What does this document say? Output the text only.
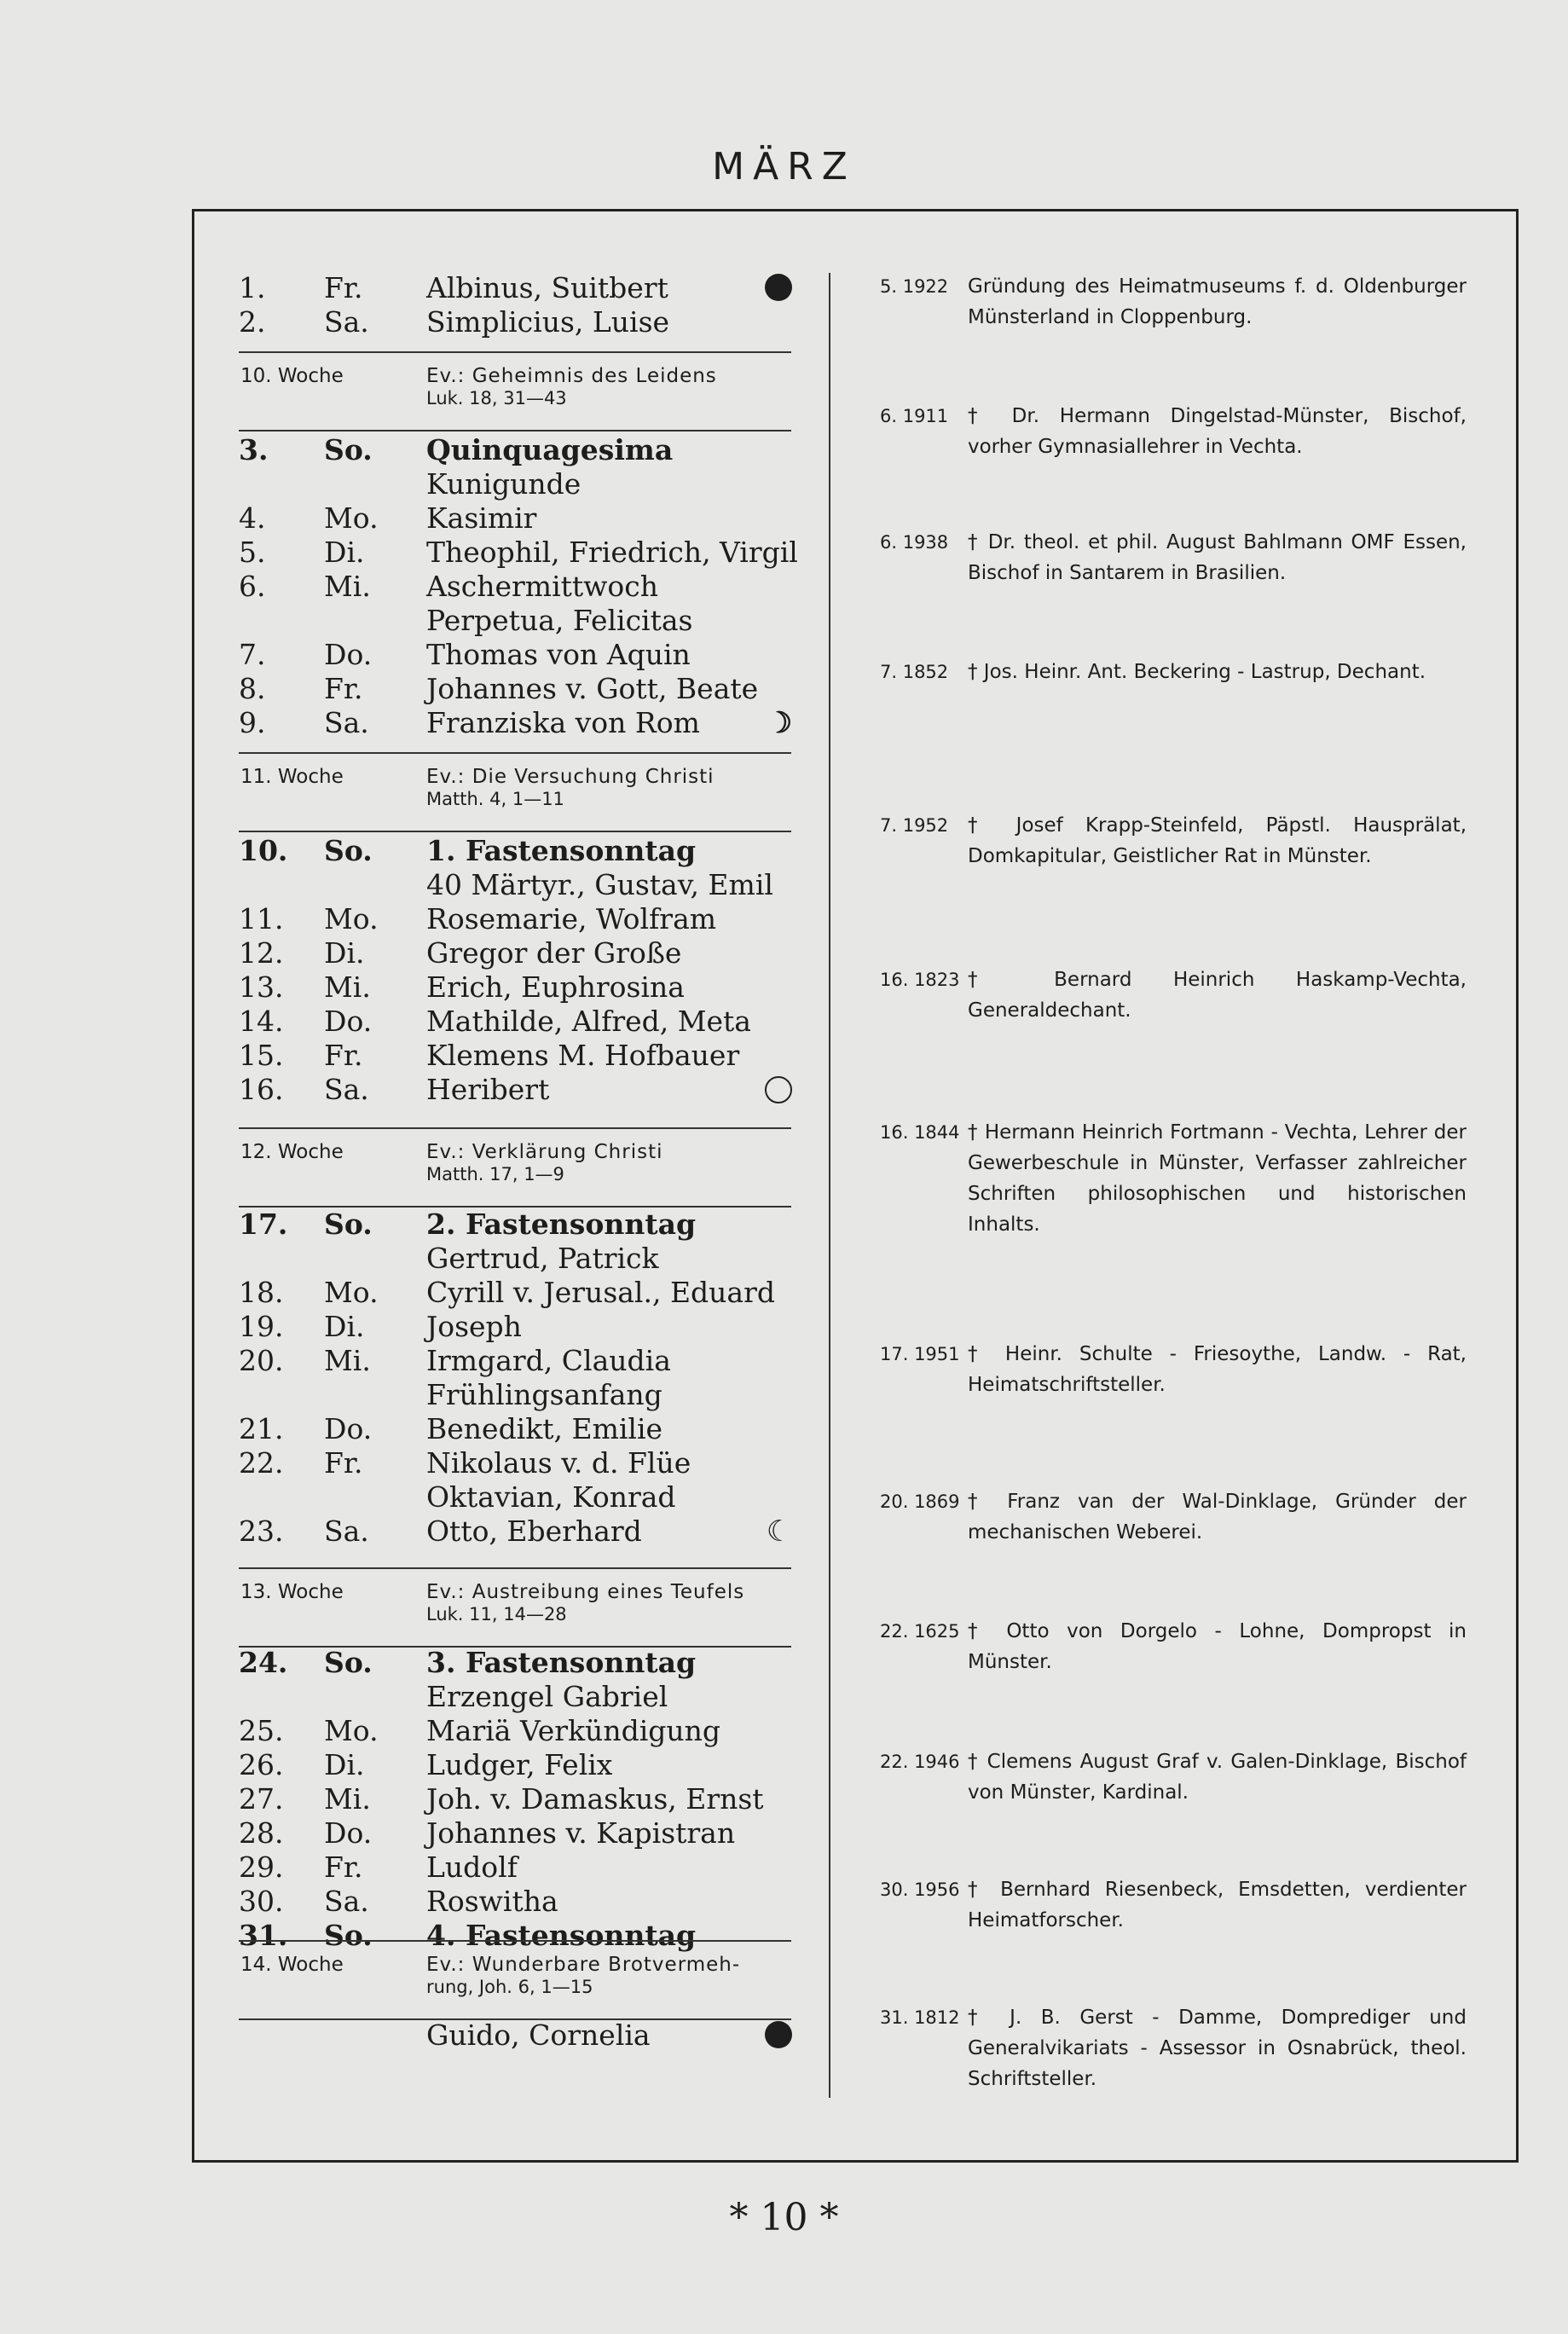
MÄRZ
1.	Fr. Albinus, Suitbert
2.	Sa. Simplicius, Luise
3.	So. Quinquagesima
Kunigunde
4.	Mo. Kasimir
5.	Di. Theophil, Friedrich, Virgil
6.	Mi. Aschermittwoch
Perpetua, Felicitas
7.	Do. Thomas von Aquin
8.	Fr. Johannes v. Gott, Beate
9.	Sa. Franziska von Rom ☽
10. So. 1. Fastensonntag
40 Märtyr., Gustav, Emil
11. Mo. Rosemarie, Wolfram
12. Di. Gregor der Große
13. Mi. Erich, Euphrosina
14. Do. Mathilde, Alfred, Meta
15. Fr. Klemens M. Hofbauer
16. Sa. Heribert
17. So. 2. Fastensonntag
Gertrud, Patrick
18. Mo. Cyrill v. Jerusal., Eduard
19. Di. Joseph
20. Mi. Irmgard, Claudia
Frühlingsanfang
21. Do. Benedikt, Emilie
22. Fr. Nikolaus v. d. Flüe
Oktavian, Konrad
23. Sa. Otto, Eberhard	☾
24. So. 3. Fastensonntag
Erzengel Gabriel
25. Mo. Mariä Verkündigung
26. Di. Ludger, Felix
27. Mi. Joh. v. Damaskus, Ernst
28. Do. Johannes v. Kapistran
29. Fr. Ludolf
30. Sa. Roswitha
31. So. 4. Fastensonntag
Guido, Cornelia
10. Woche	Ev.: Geheimnis des Leidens
Luk. 18, 31—43
11. Woche	Ev.: Die Versuchung Christi
Matth. 4, 1—11
12. Woche	Ev.: Verklärung Christi
Matth. 17, 1—9
13. Woche	Ev.: Austreibung eines Teufels
Luk. 11, 14—28
14. Woche	Ev.: Wunderbare Brotvermeh-
rung, Joh. 6, 1—15
5. 1922 Gründung des Heimatmuseums f. d. Oldenburger Münsterland in Cloppenburg.
6. 1911 † Dr. Hermann Dingelstad-Münster, Bischof, vorher Gymnasiallehrer in Vechta.
6. 1938 † Dr. theol. et phil. August Bahlmann OMF Essen, Bischof in Santarem in Brasilien.
7. 1852 † Jos. Heinr. Ant. Beckering - Lastrup, Dechant.
7. 1952 † Josef Krapp-Steinfeld, Päpstl. Hausprälat, Domkapitular, Geistlicher Rat in Münster.
16. 1823 † Bernard Heinrich Haskamp-Vechta, Generaldechant.
16. 1844 † Hermann Heinrich Fortmann - Vechta, Lehrer der Gewerbeschule in Münster, Verfasser zahlreicher Schriften philosophischen und historischen Inhalts.
17. 1951 † Heinr. Schulte - Friesoythe, Landw. - Rat, Heimatschriftsteller.
20. 1869 † Franz van der Wal-Dinklage, Gründer der mechanischen Weberei.
22. 1625 † Otto von Dorgelo - Lohne, Dompropst in Münster.
22. 1946 † Clemens August Graf v. Galen-Dinklage, Bischof von Münster, Kardinal.
30. 1956 † Bernhard Riesenbeck, Emsdetten, verdienter Heimatforscher.
31. 1812 † J. B. Gerst - Damme, Domprediger und Generalvikariats - Assessor in Osnabrück, theol. Schriftsteller.
* 10 *
